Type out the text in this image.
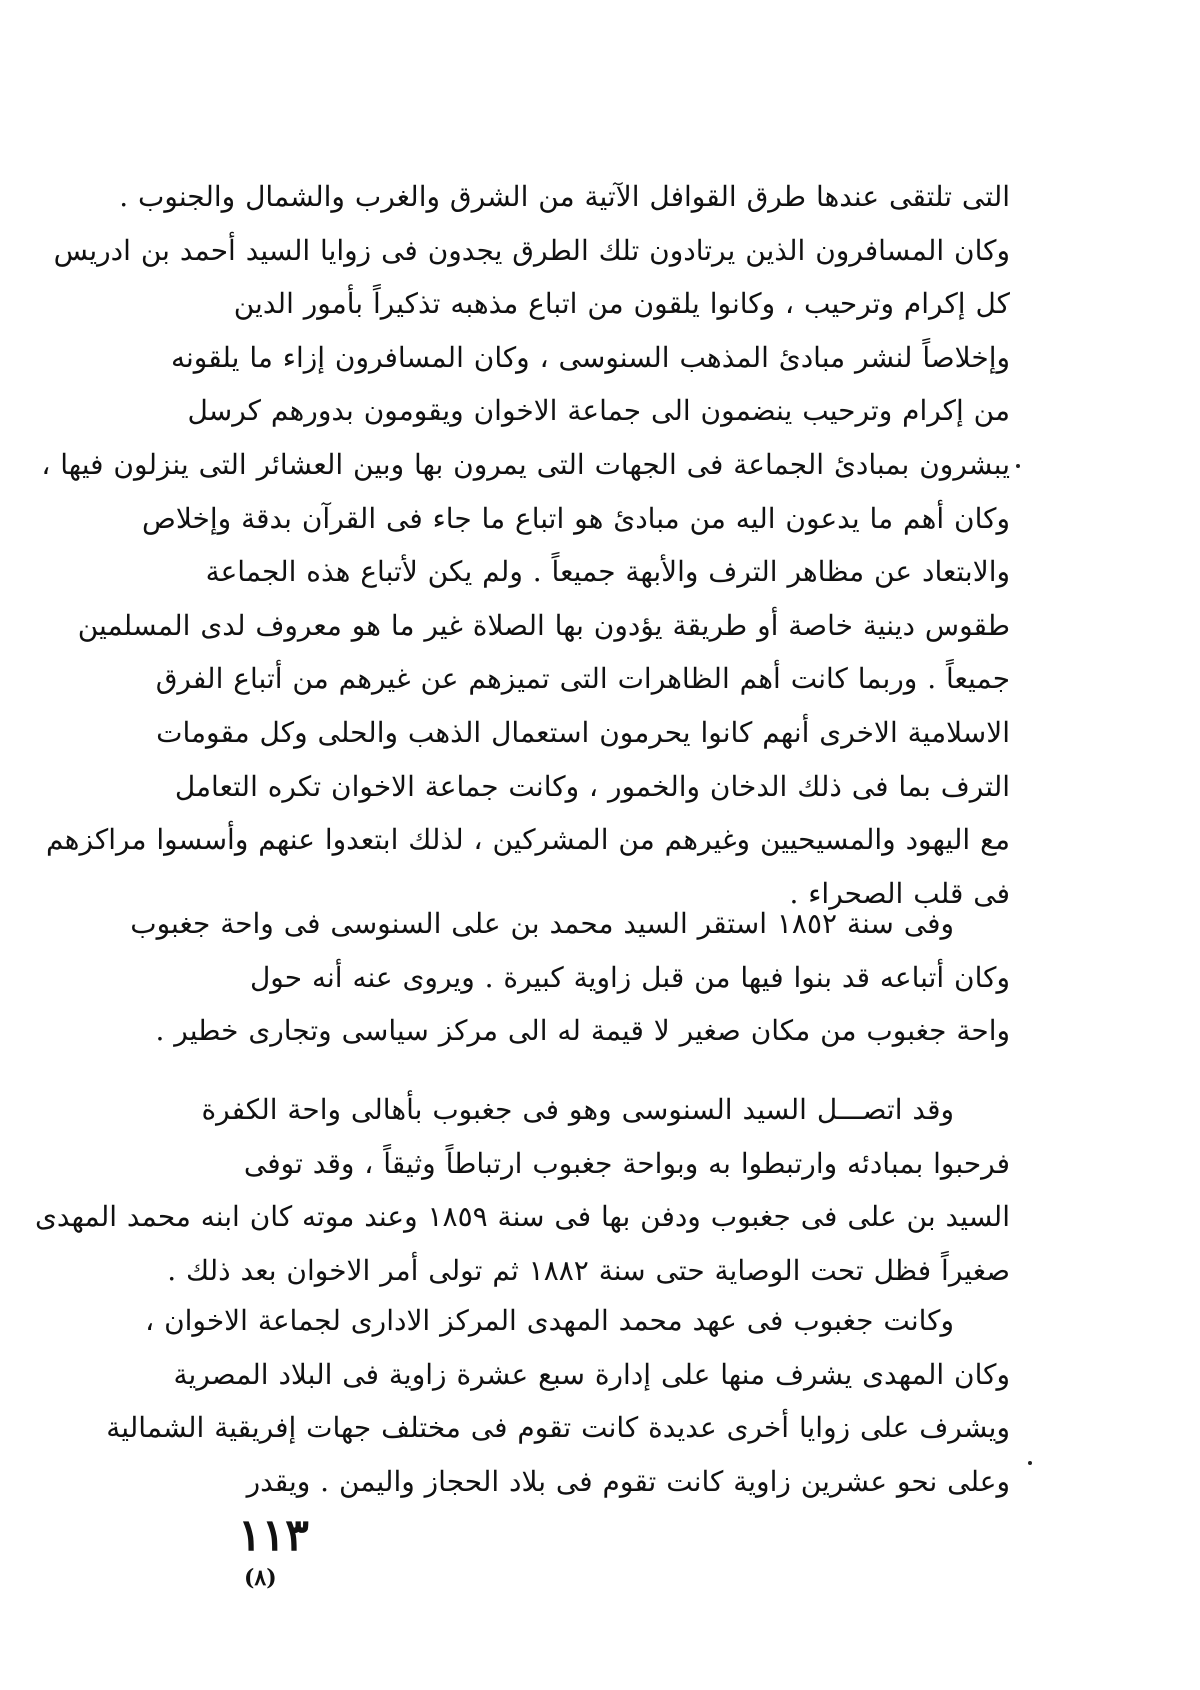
التى تلتقى عندها طرق القوافل الآتية من الشرق والغرب والشمال والجنوب .
وكان المسافرون الذين يرتادون تلك الطرق يجدون فى زوايا السيد أحمد بن ادريس
كل إكرام وترحيب ، وكانوا يلقون من اتباع مذهبه تذكيراً بأمور الدين
وإخلاصاً لنشر مبادئ المذهب السنوسى ، وكان المسافرون إزاء ما يلقونه
من إكرام وترحيب ينضمون الى جماعة الاخوان ويقومون بدورهم كرسل
يبشرون بمبادئ الجماعة فى الجهات التى يمرون بها وبين العشائر التى ينزلون فيها ،
وكان أهم ما يدعون اليه من مبادئ هو اتباع ما جاء فى القرآن بدقة وإخلاص
والابتعاد عن مظاهر الترف والأبهة جميعاً . ولم يكن لأتباع هذه الجماعة
طقوس دينية خاصة أو طريقة يؤدون بها الصلاة غير ما هو معروف لدى المسلمين
جميعاً . وربما كانت أهم الظاهرات التى تميزهم عن غيرهم من أتباع الفرق
الاسلامية الاخرى أنهم كانوا يحرمون استعمال الذهب والحلى وكل مقومات
الترف بما فى ذلك الدخان والخمور ، وكانت جماعة الاخوان تكره التعامل
مع اليهود والمسيحيين وغيرهم من المشركين ، لذلك ابتعدوا عنهم وأسسوا مراكزهم
فى قلب الصحراء .
وفى سنة ١٨٥٢ استقر السيد محمد بن على السنوسى فى واحة جغبوب
وكان أتباعه قد بنوا فيها من قبل زاوية كبيرة . ويروى عنه أنه حول
واحة جغبوب من مكان صغير لا قيمة له الى مركز سياسى وتجارى خطير .
وقد اتصـــل السيد السنوسى وهو فى جغبوب بأهالى واحة الكفرة
فرحبوا بمبادئه وارتبطوا به وبواحة جغبوب ارتباطاً وثيقاً ، وقد توفى
السيد بن على فى جغبوب ودفن بها فى سنة ١٨٥٩ وعند موته كان ابنه محمد المهدى
صغيراً فظل تحت الوصاية حتى سنة ١٨٨٢ ثم تولى أمر الاخوان بعد ذلك .
وكانت جغبوب فى عهد محمد المهدى المركز الادارى لجماعة الاخوان ،
وكان المهدى يشرف منها على إدارة سبع عشرة زاوية فى البلاد المصرية
ويشرف على زوايا أخرى عديدة كانت تقوم فى مختلف جهات إفريقية الشمالية
وعلى نحو عشرين زاوية كانت تقوم فى بلاد الحجاز واليمن . ويقدر
١١٣
(٨)
